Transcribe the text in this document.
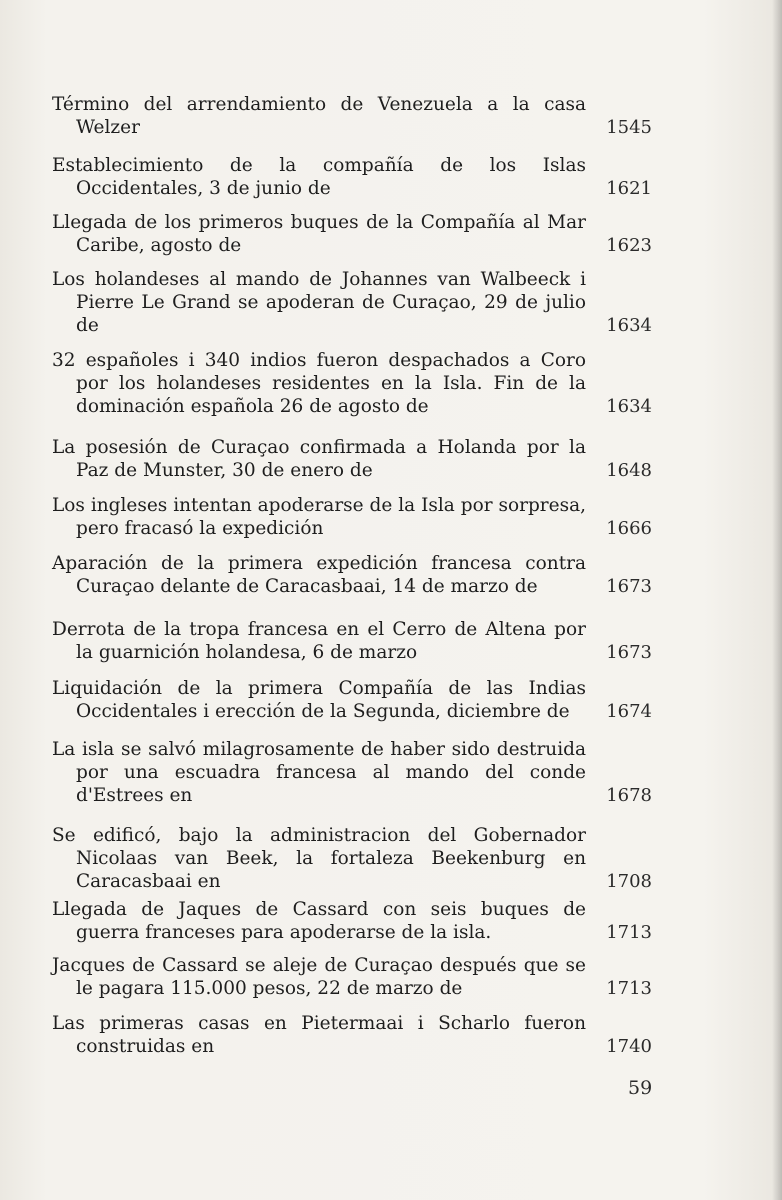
Término del arrendamiento de Venezuela a la casa Welzer	1545
Establecimiento de la compañía de los Islas Occidentales, 3 de junio de	1621
Llegada de los primeros buques de la Compañía al Mar Caribe, agosto de	1623
Los holandeses al mando de Johannes van Walbeeck i Pierre Le Grand se apoderan de Curaçao, 29 de julio de	1634
32 españoles i 340 indios fueron despachados a Coro por los holandeses residentes en la Isla. Fin de la dominación española 26 de agosto de	1634
La posesión de Curaçao confirmada a Holanda por la Paz de Munster, 30 de enero de	1648
Los ingleses intentan apoderarse de la Isla por sorpresa, pero fracasó la expedición	1666
Aparación de la primera expedición francesa contra Curaçao delante de Caracasbaai, 14 de marzo de	1673
Derrota de la tropa francesa en el Cerro de Altena por la guarnición holandesa, 6 de marzo	1673
Liquidación de la primera Compañía de las Indias Occidentales i erección de la Segunda, diciembre de	1674
La isla se salvó milagrosamente de haber sido destruida por una escuadra francesa al mando del conde d'Estrees en	1678
Se edificó, bajo la administracion del Gobernador Nicolaas van Beek, la fortaleza Beekenburg en Caracasbaai en	1708
Llegada de Jaques de Cassard con seis buques de guerra franceses para apoderarse de la isla.	1713
Jacques de Cassard se aleje de Curaçao después que se le pagara 115.000 pesos, 22 de marzo de	1713
Las primeras casas en Pietermaai i Scharlo fueron construidas en	1740
59
